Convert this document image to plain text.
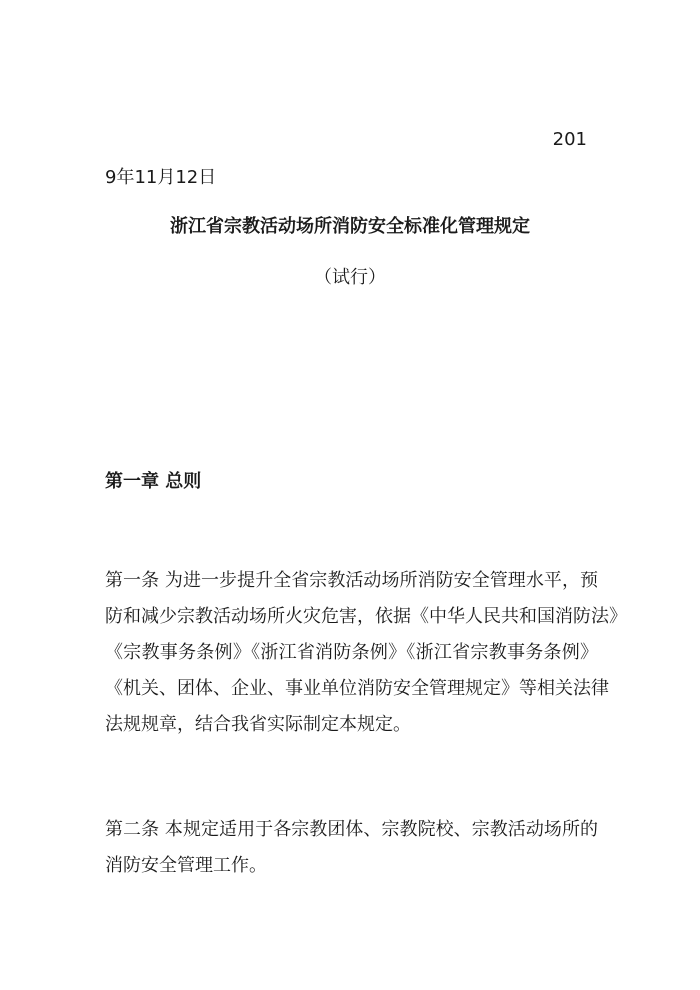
201
9年11月12日
浙江省宗教活动场所消防安全标准化管理规定
（试行）
第一章 总则
第一条 为进一步提升全省宗教活动场所消防安全管理水平，预
防和减少宗教活动场所火灾危害，依据《中华人民共和国消防法》
《宗教事务条例》《浙江省消防条例》《浙江省宗教事务条例》
《机关、团体、企业、事业单位消防安全管理规定》等相关法律
法规规章，结合我省实际制定本规定。
第二条 本规定适用于各宗教团体、宗教院校、宗教活动场所的
消防安全管理工作。
